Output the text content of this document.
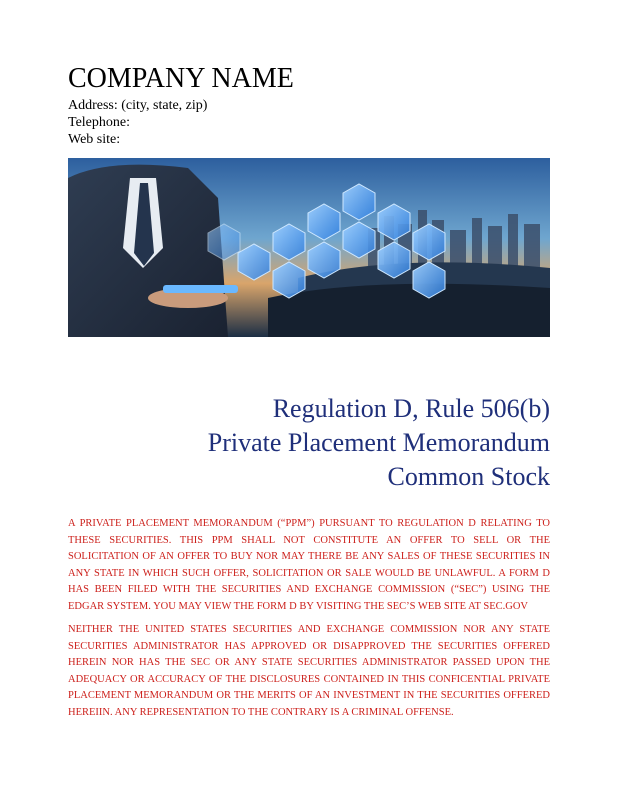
COMPANY NAME
Address: (city, state, zip)
Telephone:
Web site:
Regulation D, Rule 506(b)
Private Placement Memorandum
Common Stock

A PRIVATE PLACEMENT MEMORANDUM (“PPM”) PURSUANT TO REGULATION D RELATING TO THESE SECURITIES. THIS PPM SHALL NOT CONSTITUTE AN OFFER TO SELL OR THE SOLICITATION OF AN OFFER TO BUY NOR MAY THERE BE ANY SALES OF THESE SECURITIES IN ANY STATE IN WHICH SUCH OFFER, SOLICITATION OR SALE WOULD BE UNLAWFUL. A FORM D HAS BEEN FILED WITH THE SECURITIES AND EXCHANGE COMMISSION (“SEC”) USING THE EDGAR SYSTEM. YOU MAY VIEW THE FORM D BY VISITING THE SEC’S WEB SITE AT SEC.GOV

NEITHER THE UNITED STATES SECURITIES AND EXCHANGE COMMISSION NOR ANY STATE SECURITIES ADMINISTRATOR HAS APPROVED OR DISAPPROVED THE SECURITIES OFFERED HEREIN NOR HAS THE SEC OR ANY STATE SECURITIES ADMINISTRATOR PASSED UPON THE ADEQUACY OR ACCURACY OF THE DISCLOSURES CONTAINED IN THIS CONFICENTIAL PRIVATE PLACEMENT MEMORANDUM OR THE MERITS OF AN INVESTMENT IN THE SECURITIES OFFERED HEREIIN. ANY REPRESENTATION TO THE CONTRARY IS A CRIMINAL OFFENSE.
